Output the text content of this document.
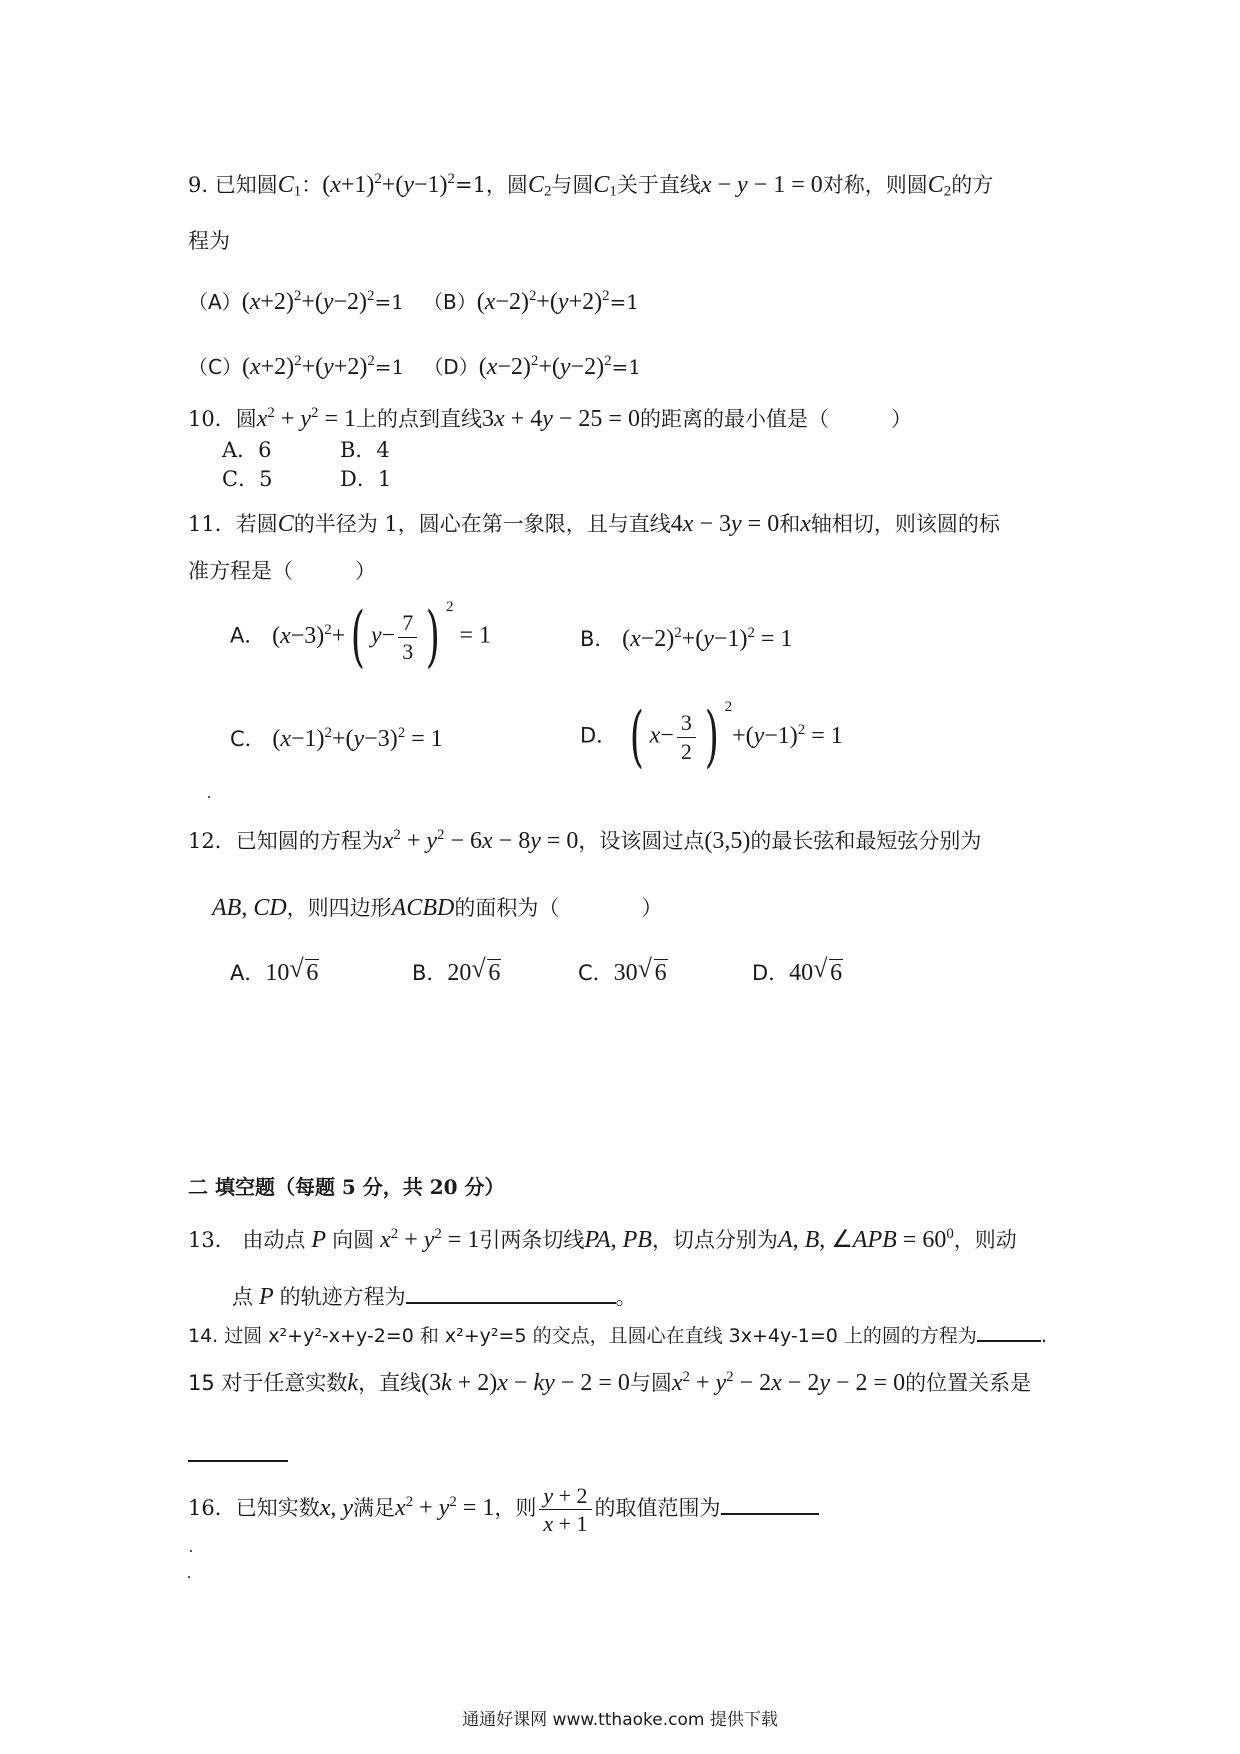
9. 已知圆$C_1$：$(x+1)^2+(y-1)^2=1$，圆$C_2$与圆$C_1$关于直线x − y − 1 = 0对称，则圆$C_2$的方
程为
$(A)(x+2)^2+(y-2)^2=1$ $(B)(x-2)^2+(y+2)^2=1$
$(C)(x+2)^2+(y+2)^2=1$ $(D)(x-2)^2+(y-2)^2=1$
10．圆$x^2 + y^2 = 1$上的点到直线3x + 4y − 25 = 0的距离的最小值是（	）
A．6	B．4
C．5	D．1
11．若圆C的半径为 1，圆心在第一象限，且与直线4x − 3y = 0和x轴相切，则该圆的标
准方程是（	）
A． $(x-3)^2+$( $y- \frac{7}{3}$ ) $^2$ = 1	B． $(x-2)^2+(y-1)^2 = 1$
C． $(x-1)^2+(y-3)^2 = 1$	D． ( $x- \frac{3}{2}$ ) $^2+(y-1)^2 = 1$
12．已知圆的方程为$x^2 + y^2 - 6x - 8y = 0$，设该圆过点(3,5)的最长弦和最短弦分别为
AB, CD，则四边形ACBD的面积为（	）
A．10 √ 6	B．20 √ 6	C．30 √ 6	D．40 √ 6
二 填空题（每题 5 分，共 20 分）
13． 由动点 P 向圆 $x^2 + y^2 = 1$引两条切线PA, PB，切点分别为A, B, ∠APB = $60^0$，则动
点 P 的轨迹方程为	。
14. 过圆 x²+y²-x+y-2=0 和 x²+y²=5 的交点，且圆心在直线 3x+4y-1=0 上的圆的方程为	.
15 对于任意实数k，直线(3k + 2)x − ky − 2 = 0与圆$x^2 + y^2 - 2x - 2y - 2 = 0$的位置关系是
16．已知实数x, y满足$x^2 + y^2 = 1$，则 $\frac{y + 2}{x + 1}$ 的取值范围为
通通好课网 www.tthaoke.com 提供下载
